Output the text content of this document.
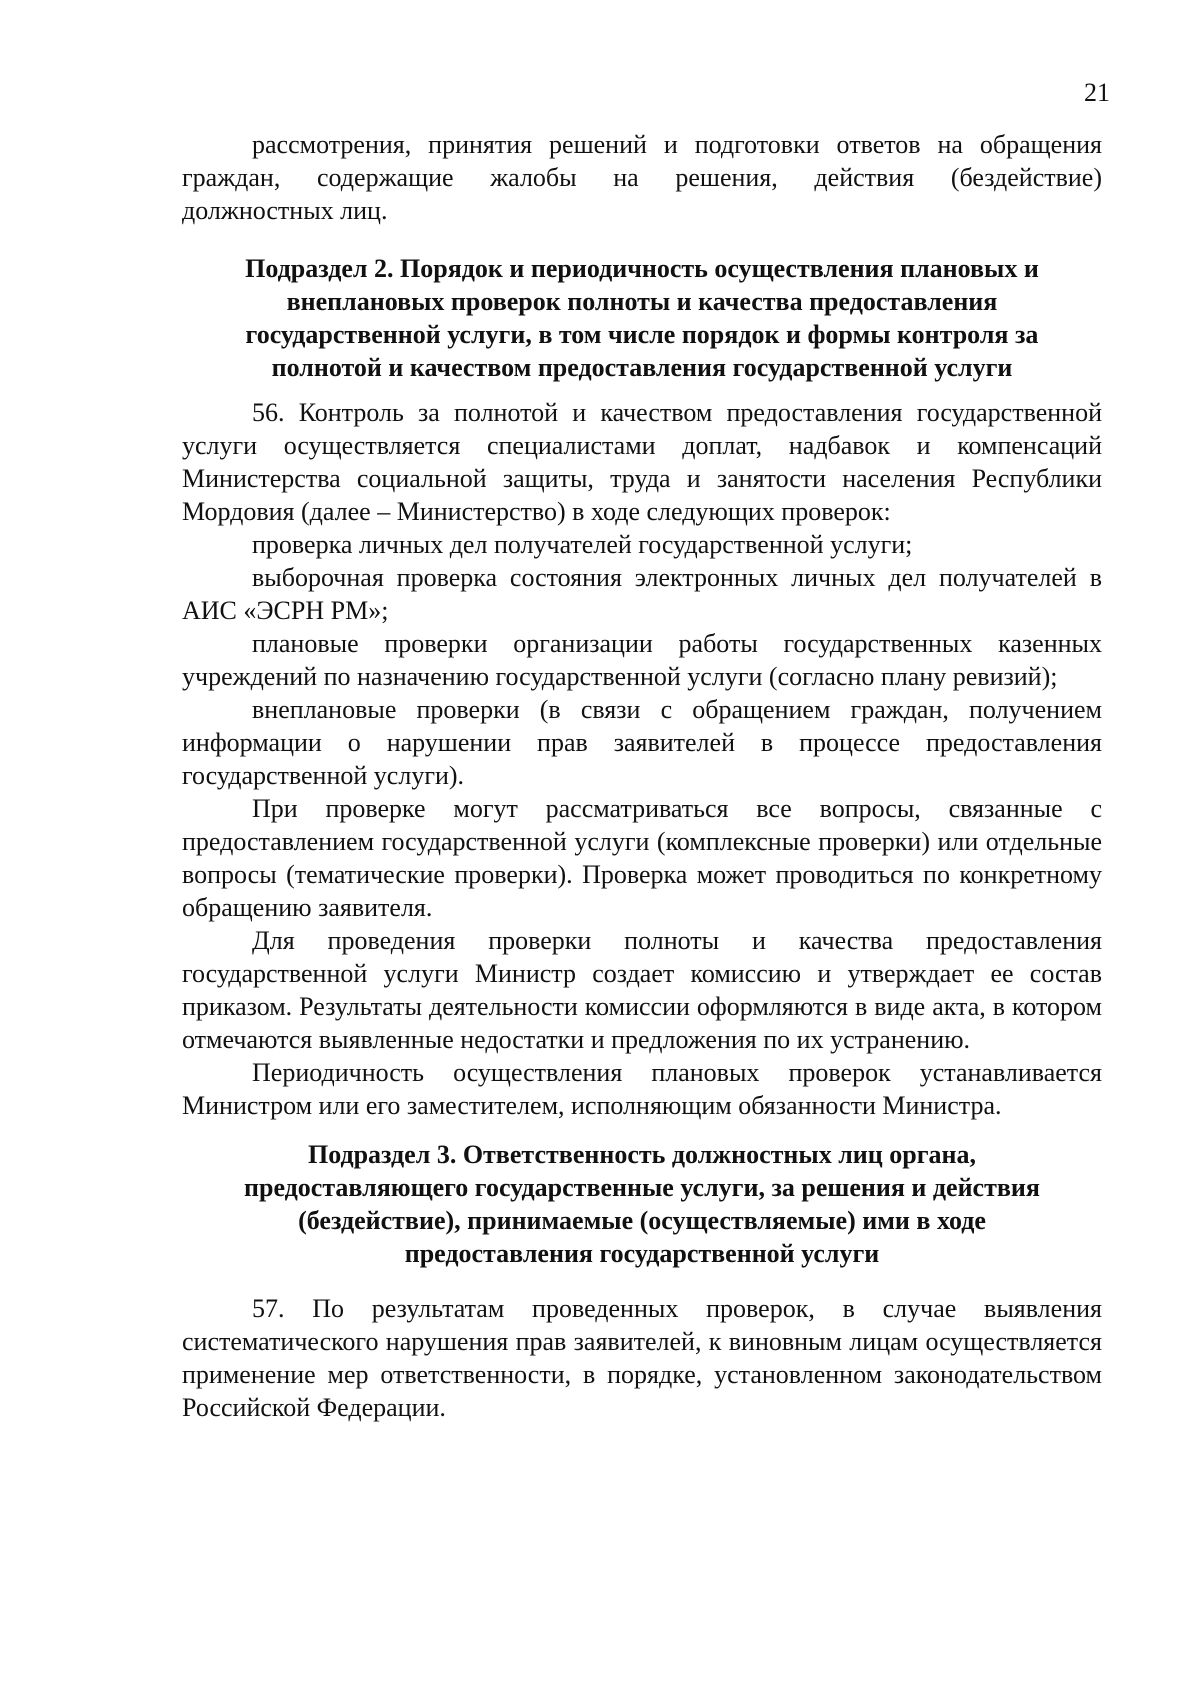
21

рассмотрения, принятия решений и подготовки ответов на обращения

граждан, содержащие жалобы на решения, действия (бездействие)

должностных лиц.

Подраздел 2. Порядок и периодичность осуществления плановых и

внеплановых проверок полноты и качества предоставления

государственной услуги, в том числе порядок и формы контроля за

полнотой и качеством предоставления государственной услуги

56. Контроль за полнотой и качеством предоставления государственной услуги осуществляется специалистами доплат, надбавок и компенсаций Министерства социальной защиты, труда и занятости населения Республики Мордовия (далее – Министерство) в ходе следующих проверок:

проверка личных дел получателей государственной услуги;

выборочная проверка состояния электронных личных дел получателей в АИС «ЭСРН РМ»;

плановые проверки организации работы государственных казенных учреждений по назначению государственной услуги (согласно плану ревизий);

внеплановые проверки (в связи с обращением граждан, получением информации о нарушении прав заявителей в процессе предоставления государственной услуги).

При проверке могут рассматриваться все вопросы, связанные с предоставлением государственной услуги (комплексные проверки) или отдельные вопросы (тематические проверки). Проверка может проводиться по конкретному обращению заявителя.

Для проведения проверки полноты и качества предоставления государственной услуги Министр создает комиссию и утверждает ее состав приказом. Результаты деятельности комиссии оформляются в виде акта, в котором отмечаются выявленные недостатки и предложения по их устранению.

Периодичность осуществления плановых проверок устанавливается Министром или его заместителем, исполняющим обязанности Министра.

Подраздел 3. Ответственность должностных лиц органа,

предоставляющего государственные услуги, за решения и действия

(бездействие), принимаемые (осуществляемые) ими в ходе

предоставления государственной услуги

57. По результатам проведенных проверок, в случае выявления систематического нарушения прав заявителей, к виновным лицам осуществляется применение мер ответственности, в порядке, установленном законодательством Российской Федерации.
